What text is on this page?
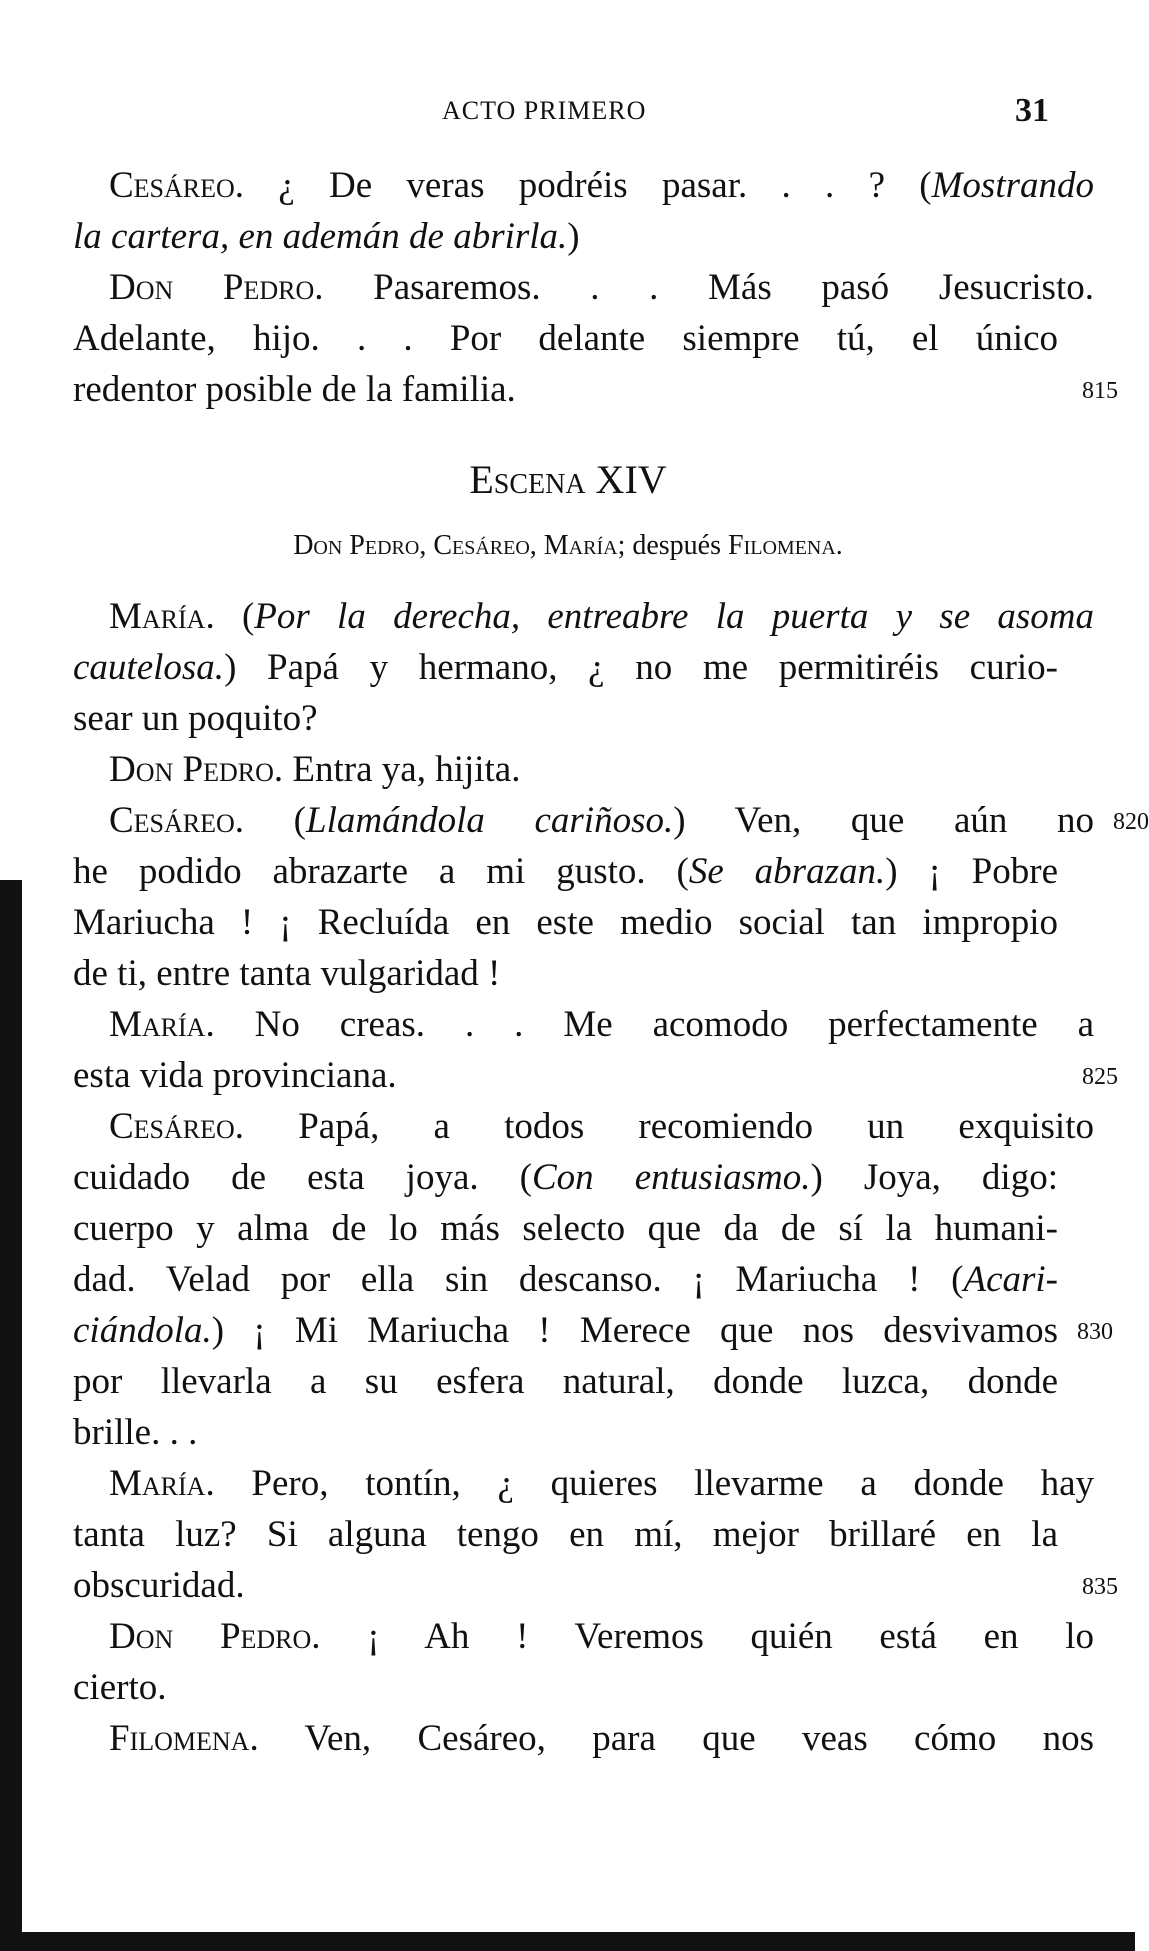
ACTO PRIMERO	31
Cesáreo. ¿ De veras podréis pasar. . . ? (Mostrando
la cartera, en ademán de abrirla.)
Don Pedro. Pasaremos. . . Más pasó Jesucristo.
Adelante, hijo. . . Por delante siempre tú, el único
redentor posible de la familia.	815
Escena XIV
Don Pedro, Cesáreo, María; después Filomena.
María. (Por la derecha, entreabre la puerta y se asoma
cautelosa.) Papá y hermano, ¿ no me permitiréis curio-
sear un poquito?
Don Pedro. Entra ya, hijita.
Cesáreo. (Llamándola cariñoso.) Ven, que aún no 820
he podido abrazarte a mi gusto. (Se abrazan.) ¡ Pobre
Mariucha ! ¡ Recluída en este medio social tan impropio
de ti, entre tanta vulgaridad !
María. No creas. . . Me acomodo perfectamente a
esta vida provinciana.	825
Cesáreo. Papá, a todos recomiendo un exquisito
cuidado de esta joya. (Con entusiasmo.) Joya, digo:
cuerpo y alma de lo más selecto que da de sí la humani-
dad. Velad por ella sin descanso. ¡ Mariucha ! (Acari-
ciándola.) ¡ Mi Mariucha ! Merece que nos desvivamos 830
por llevarla a su esfera natural, donde luzca, donde
brille. . .
María. Pero, tontín, ¿ quieres llevarme a donde hay
tanta luz? Si alguna tengo en mí, mejor brillaré en la
obscuridad.	835
Don Pedro. ¡ Ah ! Veremos quién está en lo
cierto.
Filomena. Ven, Cesáreo, para que veas cómo nos
